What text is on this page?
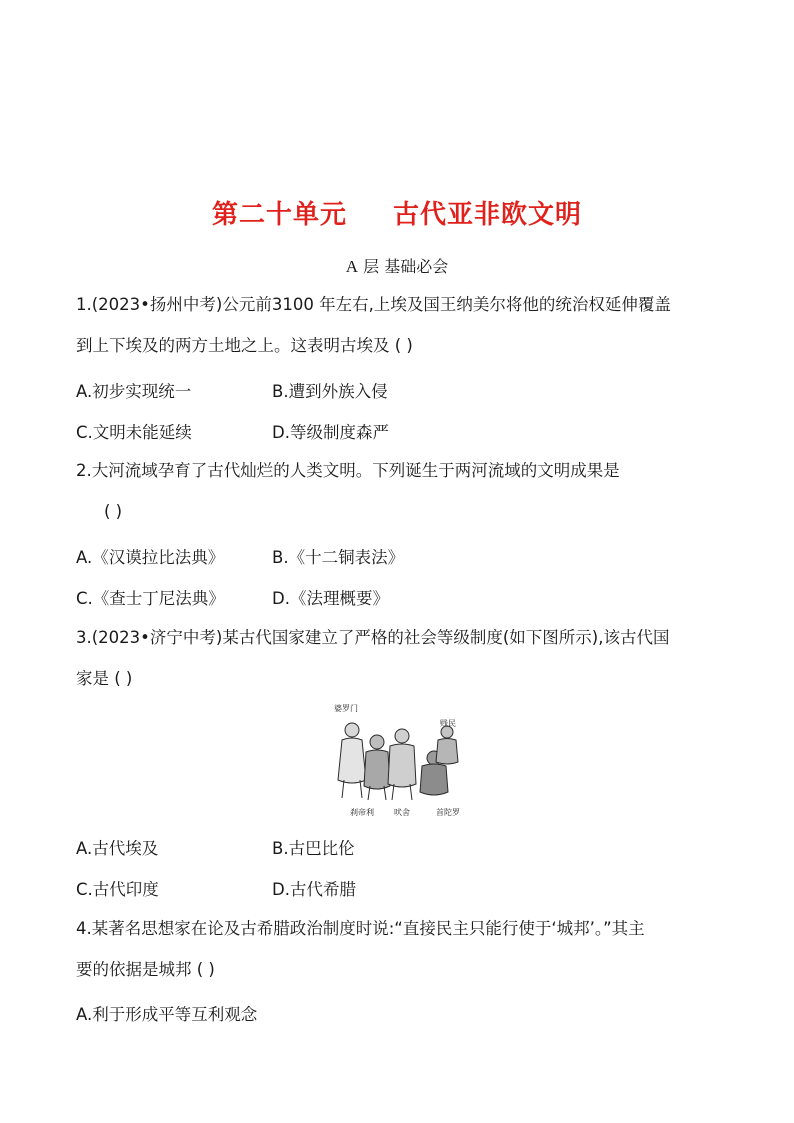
第二十单元 古代亚非欧文明
A 层 基础必会
1.(2023•扬州中考)公元前3100 年左右,上埃及国王纳美尔将他的统治权延伸覆盖
到上下埃及的两方土地之上。这表明古埃及 ( )
A.初步实现统一	B.遭到外族入侵
C.文明未能延续	D.等级制度森严
2.大河流域孕育了古代灿烂的人类文明。下列诞生于两河流域的文明成果是
( )
A.《汉谟拉比法典》	B.《十二铜表法》
C.《查士丁尼法典》	D.《法理概要》
3.(2023•济宁中考)某古代国家建立了严格的社会等级制度(如下图所示),该古代国
家是 ( )
婆罗门
贱民
刹帝利	吠舍	首陀罗
A.古代埃及	B.古巴比伦
C.古代印度	D.古代希腊
4.某著名思想家在论及古希腊政治制度时说:“直接民主只能行使于‘城邦’。”其主
要的依据是城邦 ( )
A.利于形成平等互利观念
